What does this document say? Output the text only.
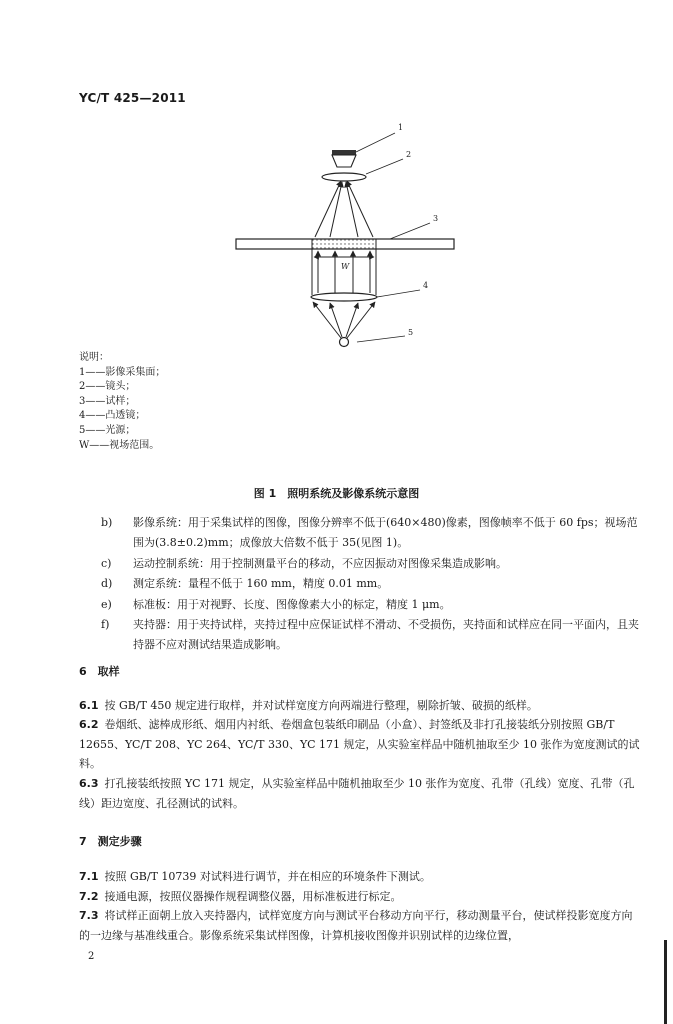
YC/T 425—2011
W
1
2
3
4
5
说明：
1——影像采集面；
2——镜头；
3——试样；
4——凸透镜；
5——光源；
W——视场范围。
图 1　照明系统及影像系统示意图
b)	影像系统：用于采集试样的图像，图像分辨率不低于(640×480)像素，图像帧率不低于 60 fps；视场范围为(3.8±0.2)mm；成像放大倍数不低于 35(见图 1)。
c)	运动控制系统：用于控制测量平台的移动，不应因振动对图像采集造成影响。
d)	测定系统：量程不低于 160 mm，精度 0.01 mm。
e)	标准板：用于对视野、长度、图像像素大小的标定，精度 1 μm。
f)	夹持器：用于夹持试样，夹持过程中应保证试样不滑动、不受损伤，夹持面和试样应在同一平面内，且夹持器不应对测试结果造成影响。
6　取样
6.1 按 GB/T 450 规定进行取样，并对试样宽度方向两端进行整理，剔除折皱、破损的纸样。
6.2 卷烟纸、滤棒成形纸、烟用内衬纸、卷烟盒包装纸印刷品（小盒）、封签纸及非打孔接装纸分别按照 GB/T 12655、YC/T 208、YC 264、YC/T 330、YC 171 规定，从实验室样品中随机抽取至少 10 张作为宽度测试的试料。
6.3 打孔接装纸按照 YC 171 规定，从实验室样品中随机抽取至少 10 张作为宽度、孔带（孔线）宽度、孔带（孔线）距边宽度、孔径测试的试料。
7　测定步骤
7.1 按照 GB/T 10739 对试料进行调节，并在相应的环境条件下测试。
7.2 接通电源，按照仪器操作规程调整仪器，用标准板进行标定。
7.3 将试样正面朝上放入夹持器内，试样宽度方向与测试平台移动方向平行，移动测量平台，使试样投影宽度方向的一边缘与基准线重合。影像系统采集试样图像，计算机接收图像并识别试样的边缘位置，
2
